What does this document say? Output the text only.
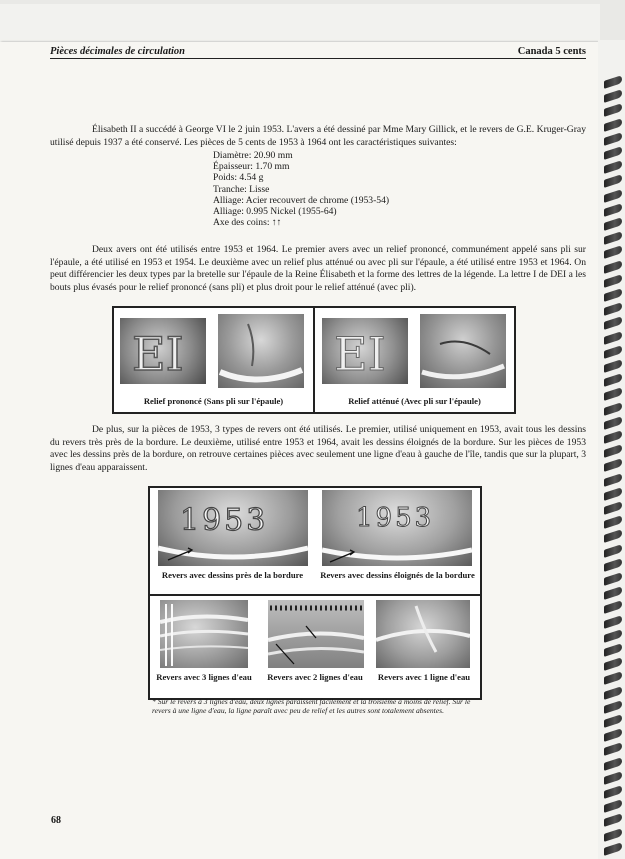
Pièces décimales de circulation	Canada 5 cents

Élisabeth II a succédé à George VI le 2 juin 1953. L'avers a été dessiné par Mme Mary Gillick, et le revers de G.E. Kruger-Gray utilisé depuis 1937 a été conservé. Les pièces de 5 cents de 1953 à 1964 ont les caractéristiques suivantes:

Diamètre: 20.90 mm
Épaisseur: 1.70 mm
Poids: 4.54 g
Tranche: Lisse
Alliage: Acier recouvert de chrome (1953-54)
Alliage: 0.995 Nickel (1955-64)
Axe des coins: ↑↑

Deux avers ont été utilisés entre 1953 et 1964. Le premier avers avec un relief prononcé, communément appelé sans pli sur l'épaule, a été utilisé en 1953 et 1954. Le deuxième avec un relief plus atténué ou avec pli sur l'épaule, a été utilisé entre 1953 et 1964. On peut différencier les deux types par la bretelle sur l'épaule de la Reine Élisabeth et la forme des lettres de la légende. La lettre I de DEI a les bouts plus évasés pour le relief prononcé (sans pli) et plus droit pour le relief atténué (avec pli).

EI
Relief prononcé (Sans pli sur l'épaule)
EI
Relief atténué (Avec pli sur l'épaule)

De plus, sur la pièces de 1953, 3 types de revers ont été utilisés. Le premier, utilisé uniquement en 1953, avait tous les dessins du revers très près de la bordure. Le deuxième, utilisé entre 1953 et 1964, avait les dessins éloignés de la bordure. Sur les pièces de 1953 avec les dessins près de la bordure, on retrouve certaines pièces avec seulement une ligne d'eau à gauche de l'île, tandis que sur la plupart, 3 lignes d'eau apparaissent.

1953
Revers avec dessins près de la bordure
1953
Revers avec dessins éloignés de la bordure
Revers avec 3 lignes d'eau	Revers avec 2 lignes d'eau	Revers avec 1 ligne d'eau
* Sur le revers à 3 lignes d'eau, deux lignes paraissent facilement et la troisième a moins de relief. Sur le revers à une ligne d'eau, la ligne paraît avec peu de relief et les autres sont totalement absentes.
68
